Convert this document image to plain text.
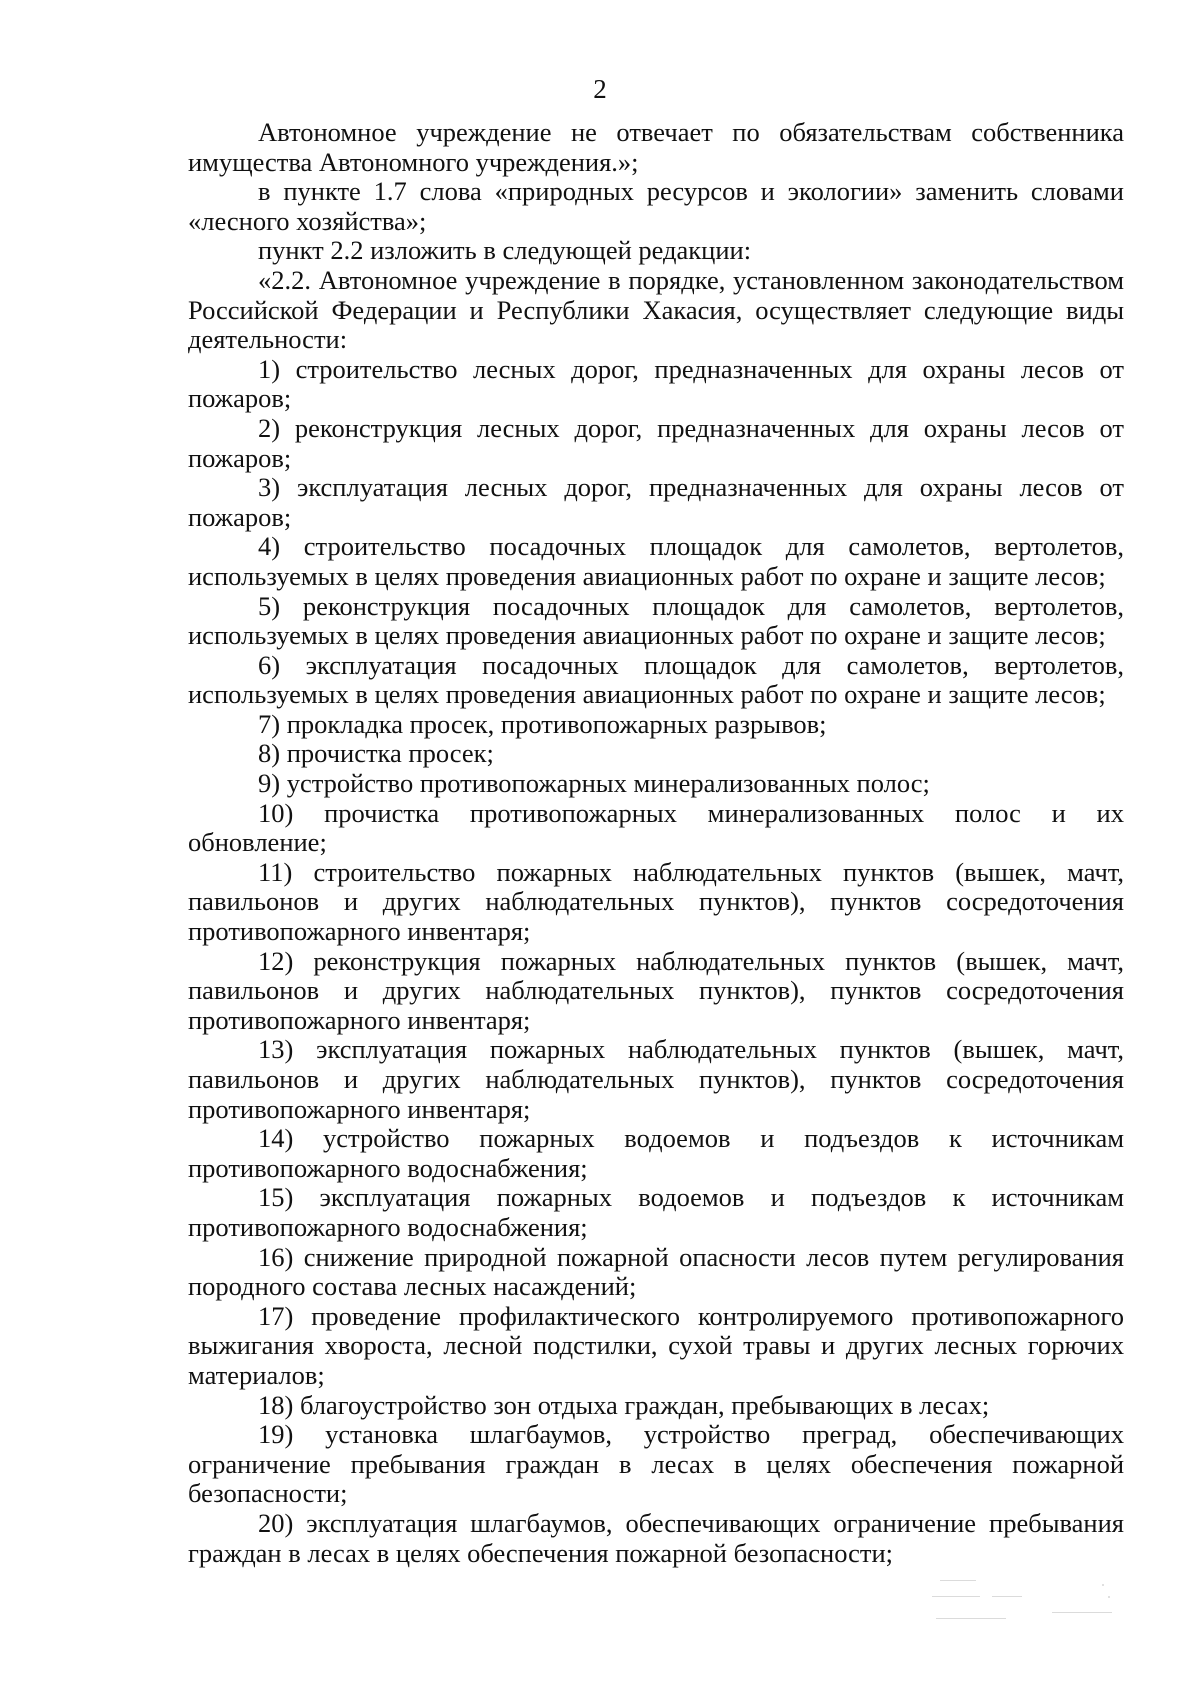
2

Автономное учреждение не отвечает по обязательствам собственника имущества Автономного учреждения.»;

в пункте 1.7 слова «природных ресурсов и экологии» заменить словами «лесного хозяйства»;

пункт 2.2 изложить в следующей редакции:

«2.2. Автономное учреждение в порядке, установленном законодательством Российской Федерации и Республики Хакасия, осуществляет следующие виды деятельности:

1) строительство лесных дорог, предназначенных для охраны лесов от пожаров;

2) реконструкция лесных дорог, предназначенных для охраны лесов от пожаров;

3) эксплуатация лесных дорог, предназначенных для охраны лесов от пожаров;

4) строительство посадочных площадок для самолетов, вертолетов, используемых в целях проведения авиационных работ по охране и защите лесов;

5) реконструкция посадочных площадок для самолетов, вертолетов, используемых в целях проведения авиационных работ по охране и защите лесов;

6) эксплуатация посадочных площадок для самолетов, вертолетов, используемых в целях проведения авиационных работ по охране и защите лесов;

7) прокладка просек, противопожарных разрывов;

8) прочистка просек;

9) устройство противопожарных минерализованных полос;

10) прочистка противопожарных минерализованных полос и их обновление;

11) строительство пожарных наблюдательных пунктов (вышек, мачт, павильонов и других наблюдательных пунктов), пунктов сосредоточения противопожарного инвентаря;

12) реконструкция пожарных наблюдательных пунктов (вышек, мачт, павильонов и других наблюдательных пунктов), пунктов сосредоточения противопожарного инвентаря;

13) эксплуатация пожарных наблюдательных пунктов (вышек, мачт, павильонов и других наблюдательных пунктов), пунктов сосредоточения противопожарного инвентаря;

14) устройство пожарных водоемов и подъездов к источникам противопожарного водоснабжения;

15) эксплуатация пожарных водоемов и подъездов к источникам противопожарного водоснабжения;

16) снижение природной пожарной опасности лесов путем регулирования породного состава лесных насаждений;

17) проведение профилактического контролируемого противопожарного выжигания хвороста, лесной подстилки, сухой травы и других лесных горючих материалов;

18) благоустройство зон отдыха граждан, пребывающих в лесах;

19) установка шлагбаумов, устройство преград, обеспечивающих ограничение пребывания граждан в лесах в целях обеспечения пожарной безопасности;

20) эксплуатация шлагбаумов, обеспечивающих ограничение пребывания граждан в лесах в целях обеспечения пожарной безопасности;
